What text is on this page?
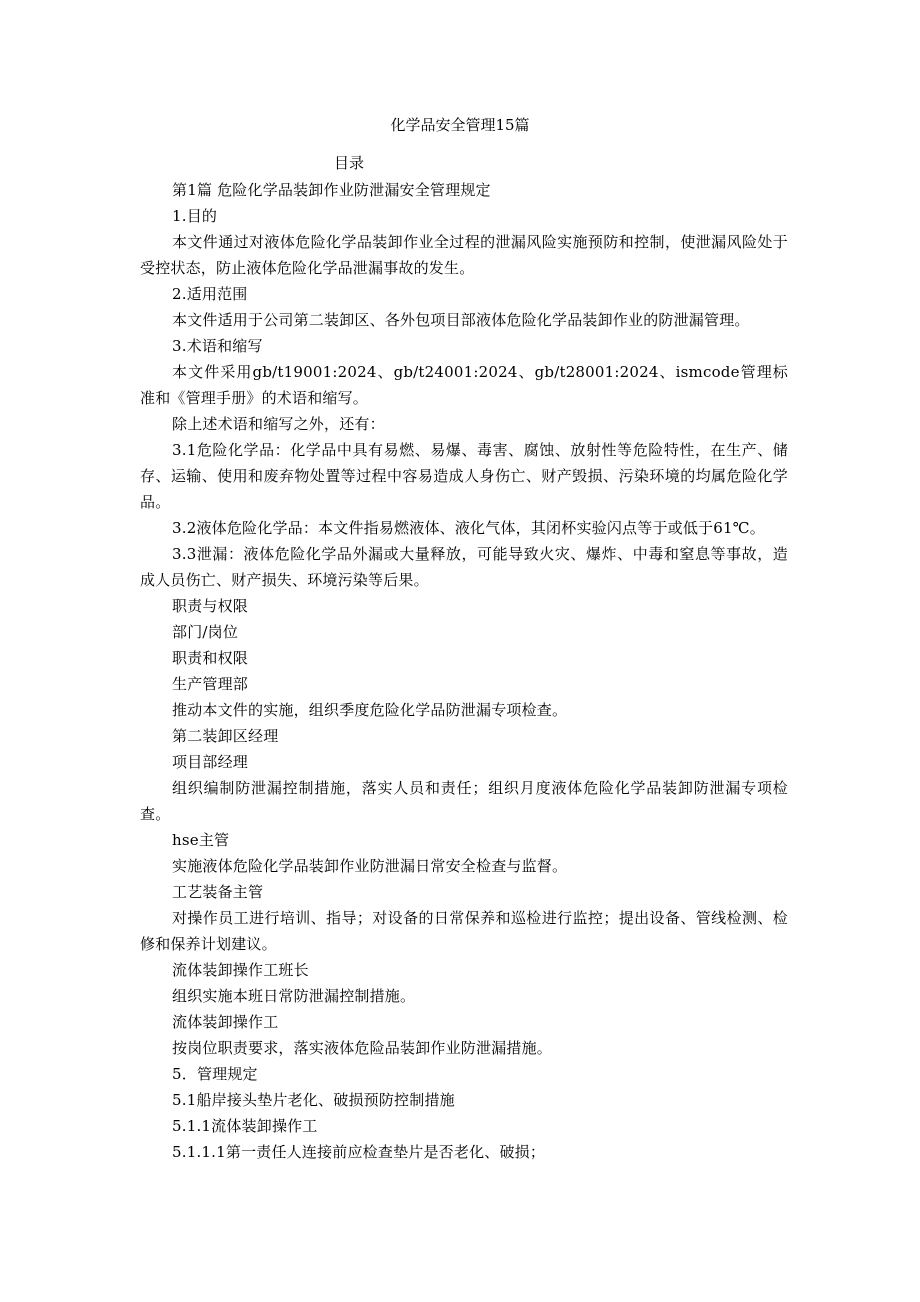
化学品安全管理15篇
目录

第1篇 危险化学品装卸作业防泄漏安全管理规定

1.目的

本文件通过对液体危险化学品装卸作业全过程的泄漏风险实施预防和控制，使泄漏风险处于受控状态，防止液体危险化学品泄漏事故的发生。

2.适用范围

本文件适用于公司第二装卸区、各外包项目部液体危险化学品装卸作业的防泄漏管理。

3.术语和缩写

本文件采用gb/t19001:2024、gb/t24001:2024、gb/t28001:2024、ismcode管理标准和《管理手册》的术语和缩写。

除上述术语和缩写之外，还有：

3.1危险化学品：化学品中具有易燃、易爆、毒害、腐蚀、放射性等危险特性，在生产、储存、运输、使用和废弃物处置等过程中容易造成人身伤亡、财产毁损、污染环境的均属危险化学品。

3.2液体危险化学品：本文件指易燃液体、液化气体，其闭杯实验闪点等于或低于61℃。

3.3泄漏：液体危险化学品外漏或大量释放，可能导致火灾、爆炸、中毒和窒息等事故，造成人员伤亡、财产损失、环境污染等后果。

职责与权限

部门/岗位

职责和权限

生产管理部

推动本文件的实施，组织季度危险化学品防泄漏专项检查。

第二装卸区经理

项目部经理

组织编制防泄漏控制措施，落实人员和责任；组织月度液体危险化学品装卸防泄漏专项检查。

hse主管

实施液体危险化学品装卸作业防泄漏日常安全检查与监督。

工艺装备主管

对操作员工进行培训、指导；对设备的日常保养和巡检进行监控；提出设备、管线检测、检修和保养计划建议。

流体装卸操作工班长

组织实施本班日常防泄漏控制措施。

流体装卸操作工

按岗位职责要求，落实液体危险品装卸作业防泄漏措施。

5．管理规定

5.1船岸接头垫片老化、破损预防控制措施

5.1.1流体装卸操作工

5.1.1.1第一责任人连接前应检查垫片是否老化、破损；
